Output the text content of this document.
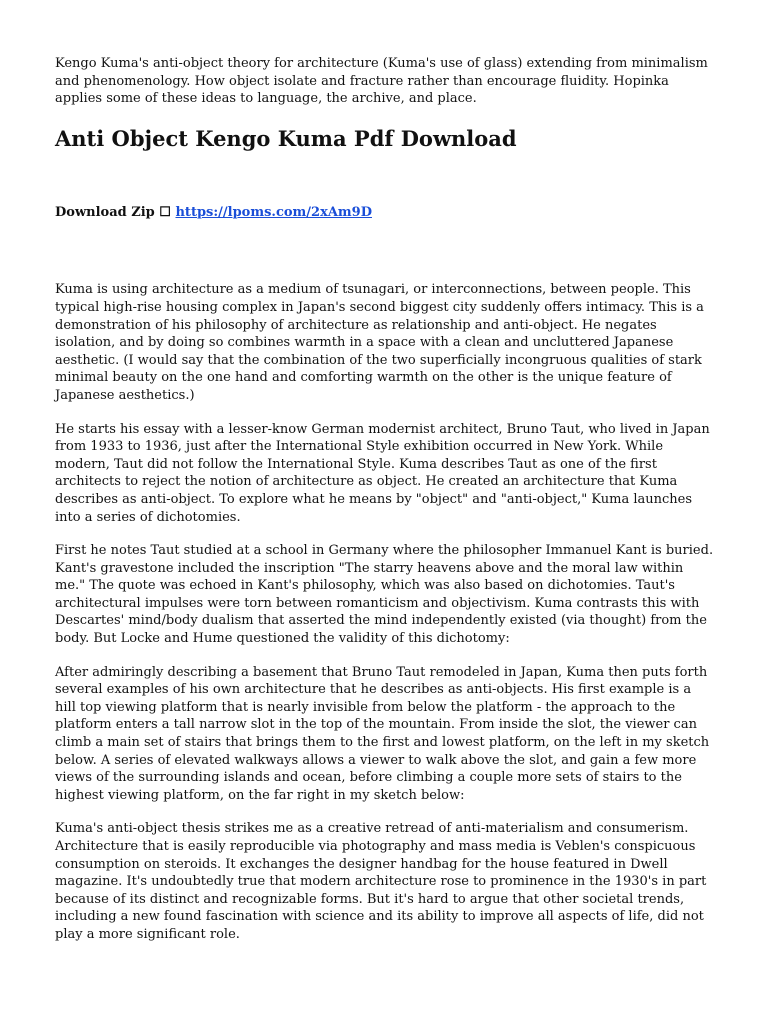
Kengo Kuma's anti-object theory for architecture (Kuma's use of glass) extending from minimalism and phenomenology. How object isolate and fracture rather than encourage fluidity. Hopinka applies some of these ideas to language, the archive, and place.

Anti Object Kengo Kuma Pdf Download

Download Zip ☐ https://lpoms.com/2xAm9D

Kuma is using architecture as a medium of tsunagari, or interconnections, between people. This typical high-rise housing complex in Japan's second biggest city suddenly offers intimacy. This is a demonstration of his philosophy of architecture as relationship and anti-object. He negates isolation, and by doing so combines warmth in a space with a clean and uncluttered Japanese aesthetic. (I would say that the combination of the two superficially incongruous qualities of stark minimal beauty on the one hand and comforting warmth on the other is the unique feature of Japanese aesthetics.)

He starts his essay with a lesser-know German modernist architect, Bruno Taut, who lived in Japan from 1933 to 1936, just after the International Style exhibition occurred in New York. While modern, Taut did not follow the International Style. Kuma describes Taut as one of the first architects to reject the notion of architecture as object. He created an architecture that Kuma describes as anti-object. To explore what he means by "object" and "anti-object," Kuma launches into a series of dichotomies.

First he notes Taut studied at a school in Germany where the philosopher Immanuel Kant is buried. Kant's gravestone included the inscription "The starry heavens above and the moral law within me." The quote was echoed in Kant's philosophy, which was also based on dichotomies. Taut's architectural impulses were torn between romanticism and objectivism. Kuma contrasts this with Descartes' mind/body dualism that asserted the mind independently existed (via thought) from the body. But Locke and Hume questioned the validity of this dichotomy:

After admiringly describing a basement that Bruno Taut remodeled in Japan, Kuma then puts forth several examples of his own architecture that he describes as anti-objects. His first example is a hill top viewing platform that is nearly invisible from below the platform - the approach to the platform enters a tall narrow slot in the top of the mountain. From inside the slot, the viewer can climb a main set of stairs that brings them to the first and lowest platform, on the left in my sketch below. A series of elevated walkways allows a viewer to walk above the slot, and gain a few more views of the surrounding islands and ocean, before climbing a couple more sets of stairs to the highest viewing platform, on the far right in my sketch below:

Kuma's anti-object thesis strikes me as a creative retread of anti-materialism and consumerism. Architecture that is easily reproducible via photography and mass media is Veblen's conspicuous consumption on steroids. It exchanges the designer handbag for the house featured in Dwell magazine. It's undoubtedly true that modern architecture rose to prominence in the 1930's in part because of its distinct and recognizable forms. But it's hard to argue that other societal trends, including a new found fascination with science and its ability to improve all aspects of life, did not play a more significant role.
